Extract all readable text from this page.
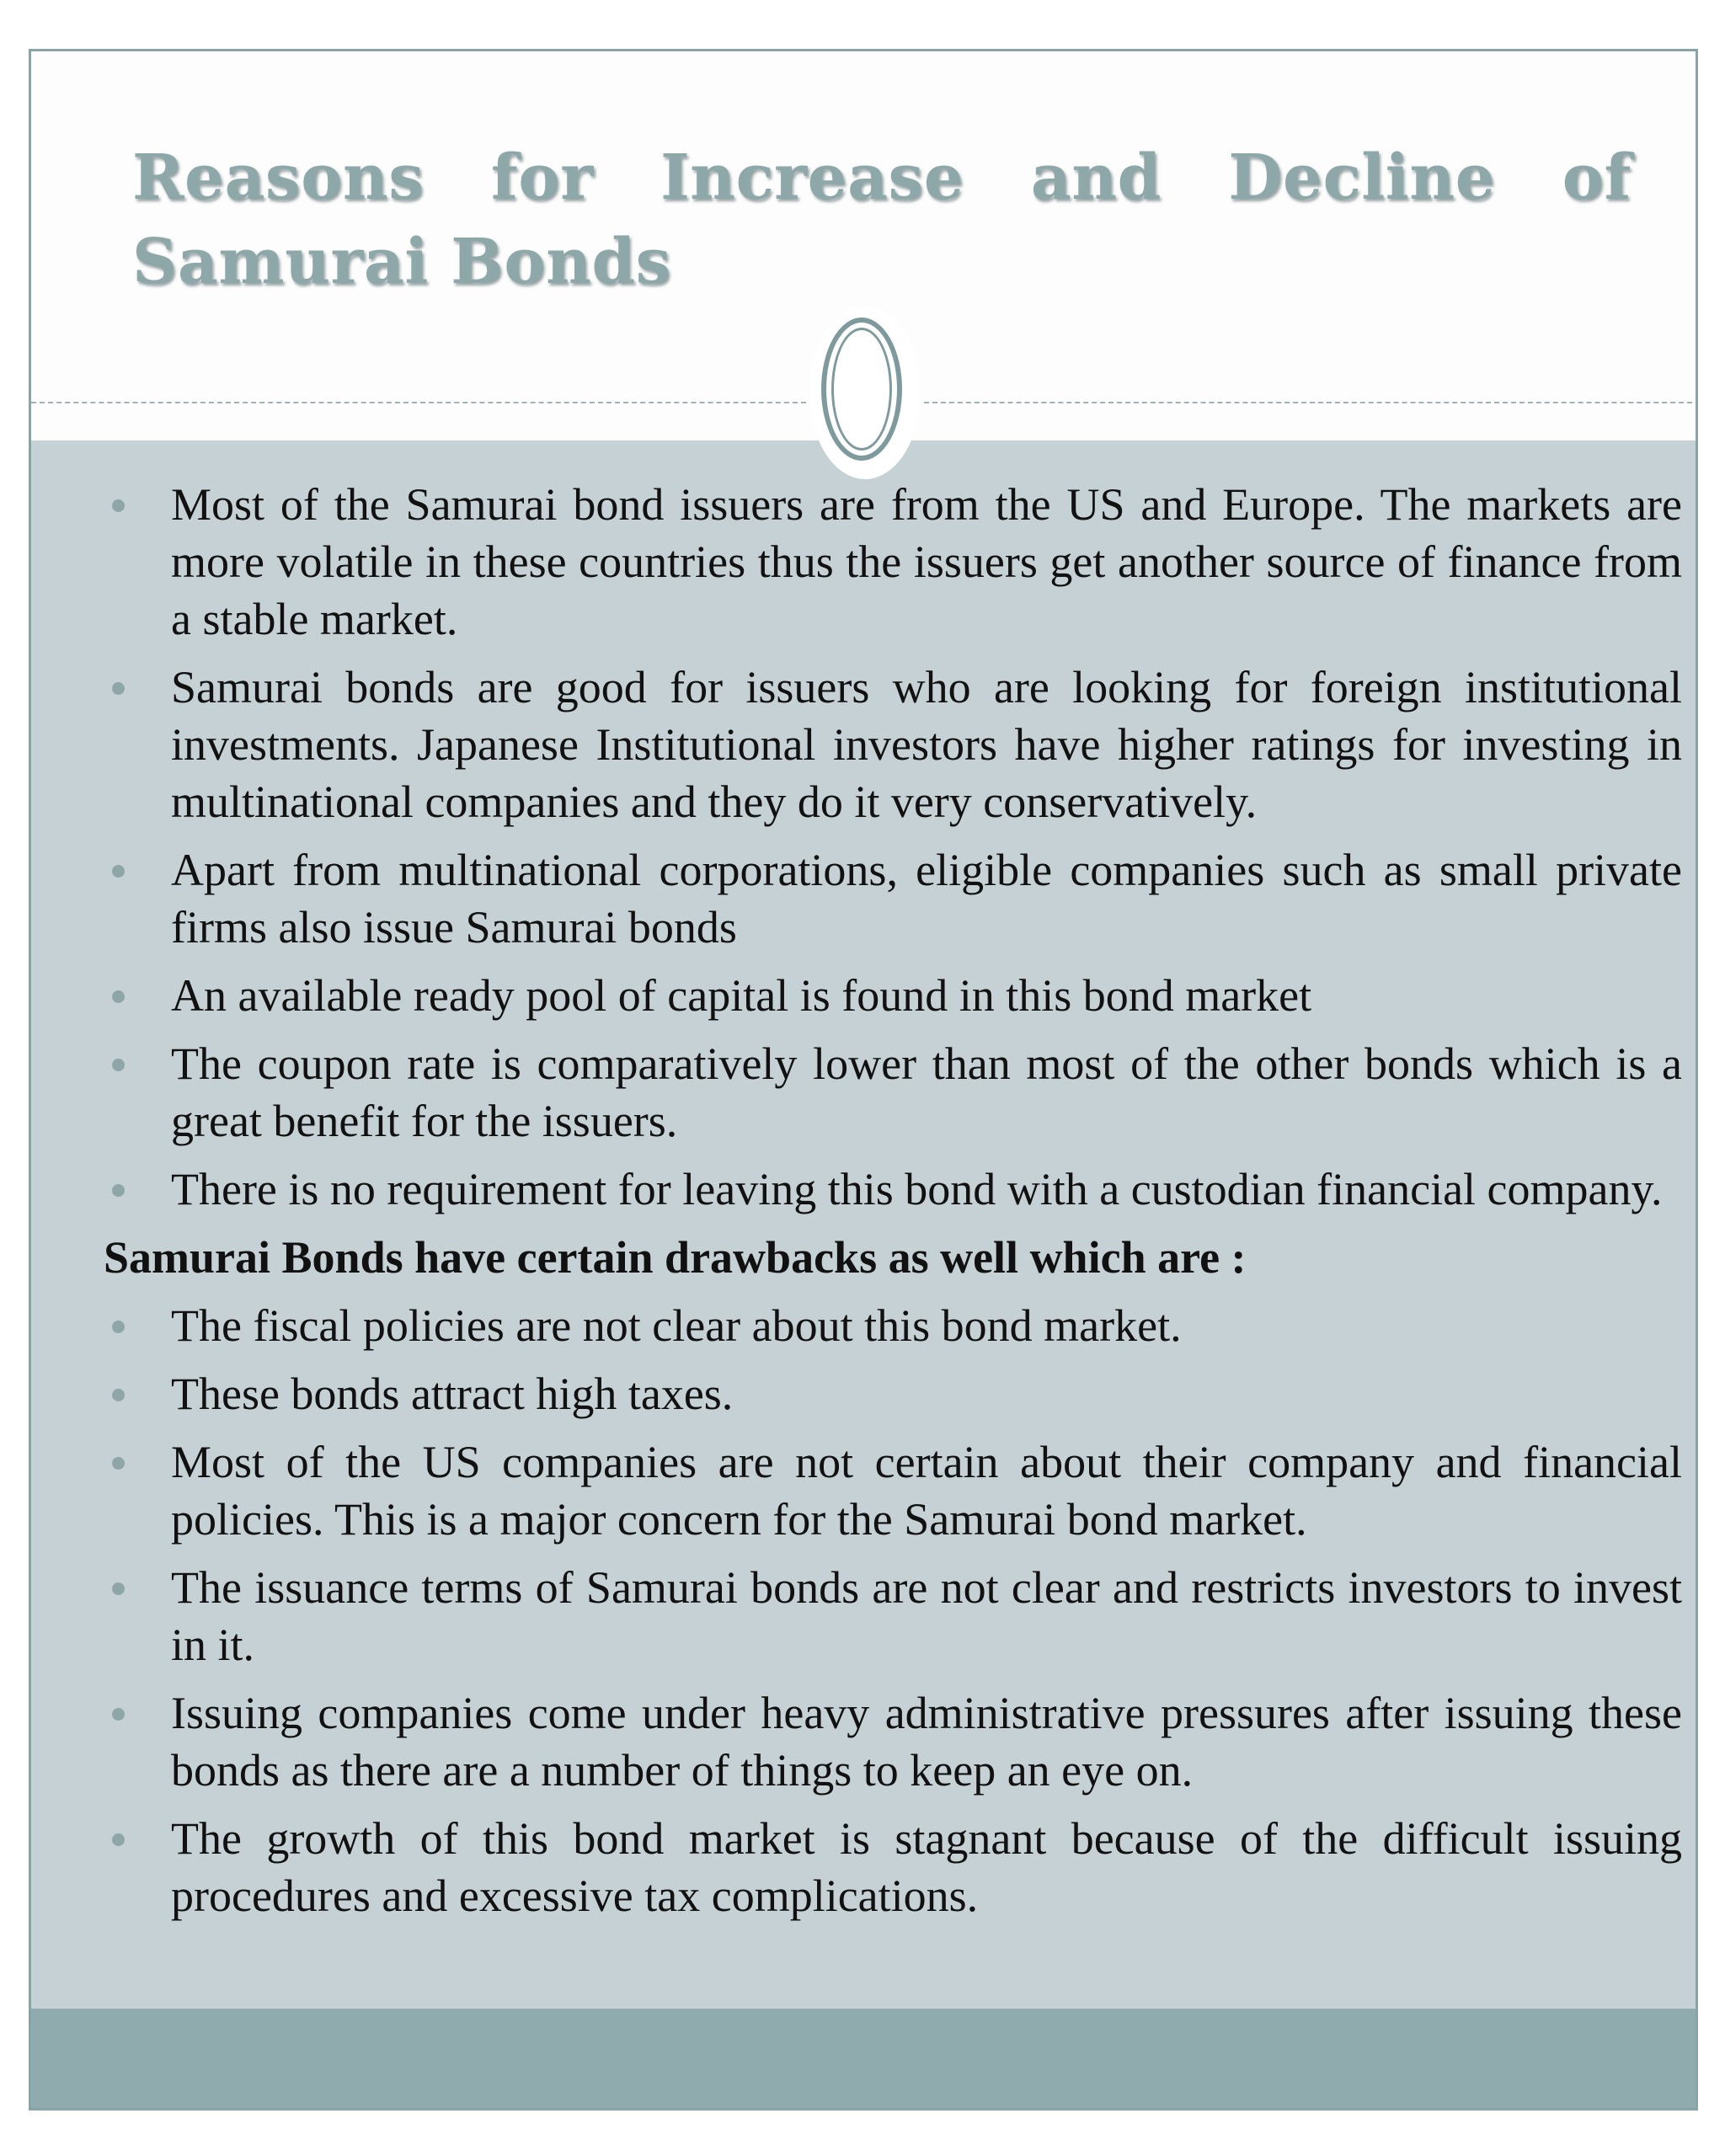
Reasons for Increase and Decline of Samurai Bonds
Most of the Samurai bond issuers are from the US and Europe. The markets are more volatile in these countries thus the issuers get another source of finance from a stable market.
Samurai bonds are good for issuers who are looking for foreign institutional investments. Japanese Institutional investors have higher ratings for investing in multinational companies and they do it very conservatively.
Apart from multinational corporations, eligible companies such as small private firms also issue Samurai bonds
An available ready pool of capital is found in this bond market
The coupon rate is comparatively lower than most of the other bonds which is a great benefit for the issuers.
There is no requirement for leaving this bond with a custodian financial company.

Samurai Bonds have certain drawbacks as well which are :

The fiscal policies are not clear about this bond market.
These bonds attract high taxes.
Most of the US companies are not certain about their company and financial policies. This is a major concern for the Samurai bond market.
The issuance terms of Samurai bonds are not clear and restricts investors to invest in it.
Issuing companies come under heavy administrative pressures after issuing these bonds as there are a number of things to keep an eye on.
The growth of this bond market is stagnant because of the difficult issuing procedures and excessive tax complications.
